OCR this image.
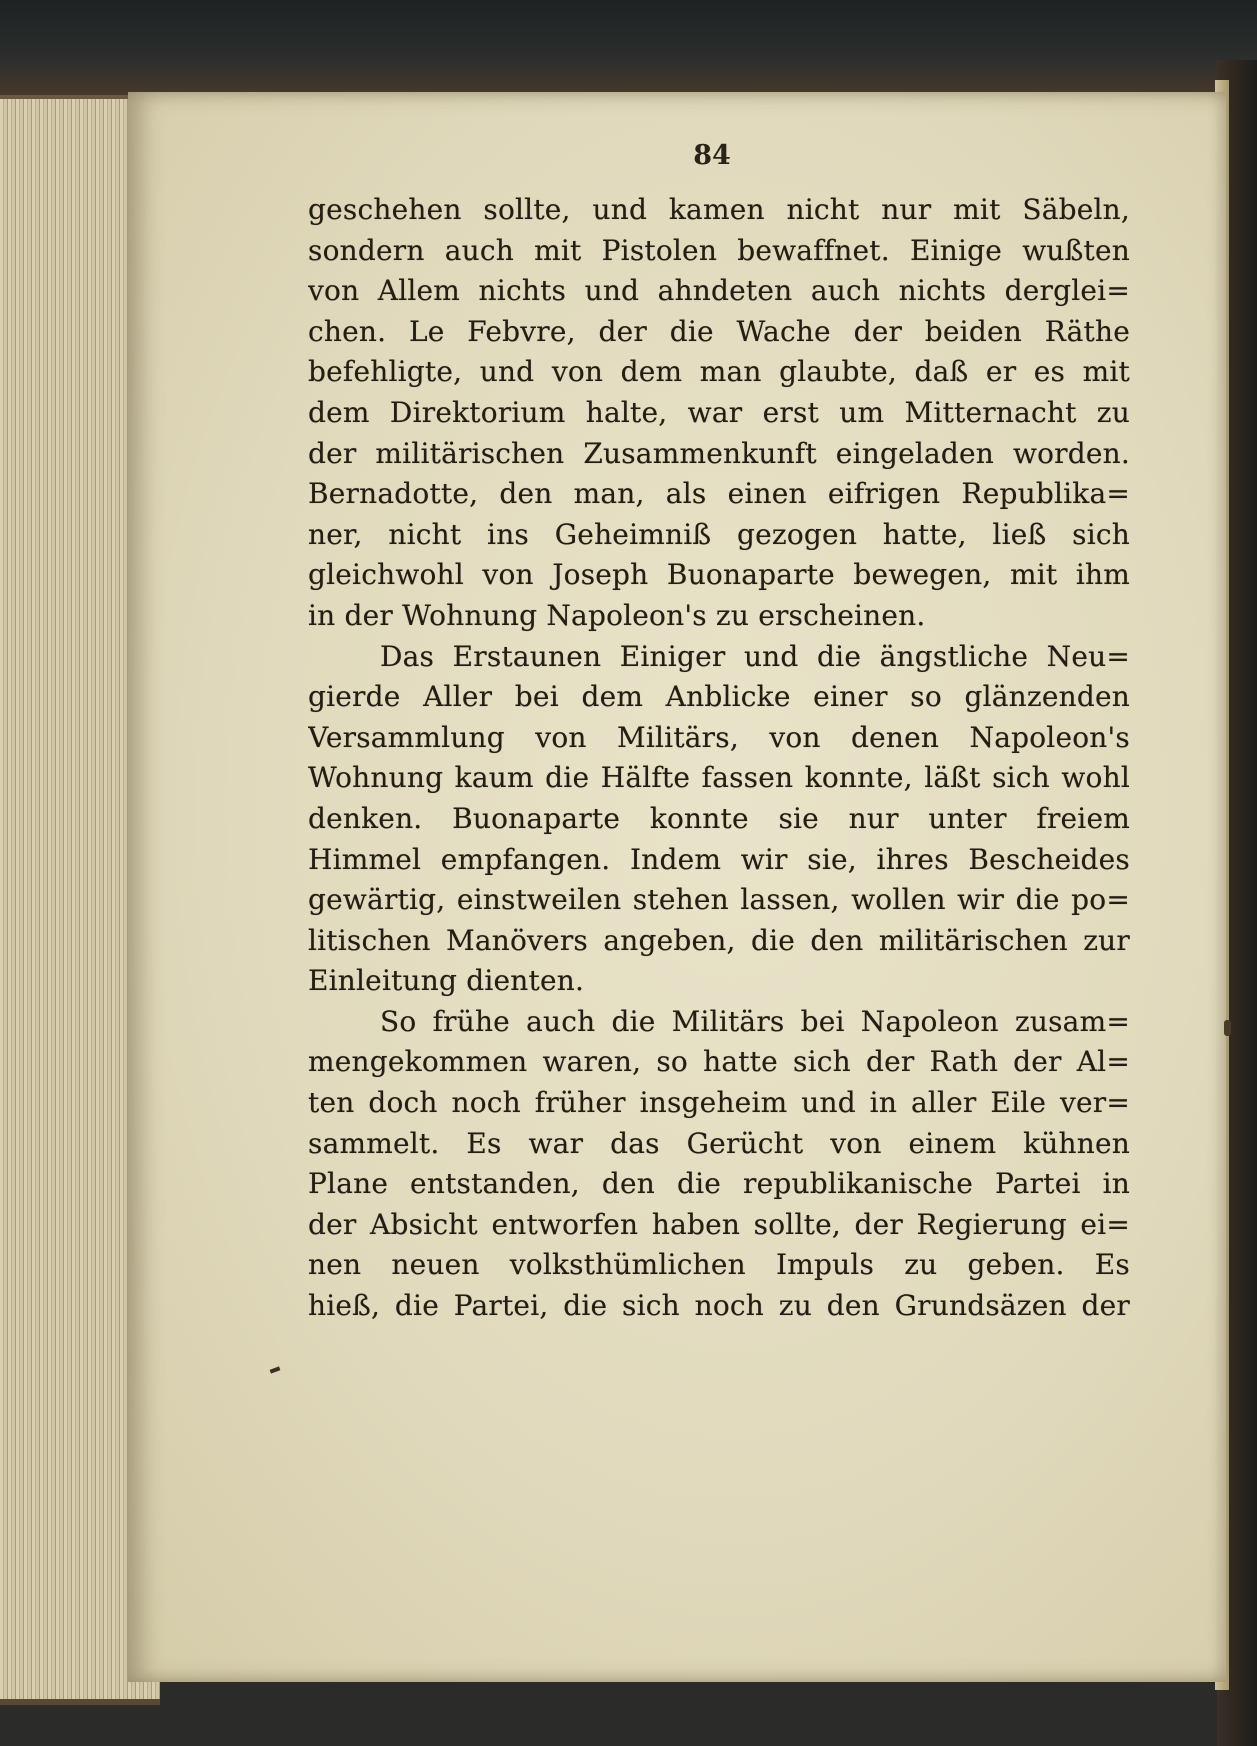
84
geschehen sollte, und kamen nicht nur mit Säbeln,
sondern auch mit Pistolen bewaffnet. Einige wußten
von Allem nichts und ahndeten auch nichts derglei=
chen. Le Febvre, der die Wache der beiden Räthe
befehligte, und von dem man glaubte, daß er es mit
dem Direktorium halte, war erst um Mitternacht zu
der militärischen Zusammenkunft eingeladen worden.
Bernadotte, den man, als einen eifrigen Republika=
ner, nicht ins Geheimniß gezogen hatte, ließ sich
gleichwohl von Joseph Buonaparte bewegen, mit ihm
in der Wohnung Napoleon's zu erscheinen.
Das Erstaunen Einiger und die ängstliche Neu=
gierde Aller bei dem Anblicke einer so glänzenden
Versammlung von Militärs, von denen Napoleon's
Wohnung kaum die Hälfte fassen konnte, läßt sich wohl
denken. Buonaparte konnte sie nur unter freiem
Himmel empfangen. Indem wir sie, ihres Bescheides
gewärtig, einstweilen stehen lassen, wollen wir die po=
litischen Manövers angeben, die den militärischen zur
Einleitung dienten.
So frühe auch die Militärs bei Napoleon zusam=
mengekommen waren, so hatte sich der Rath der Al=
ten doch noch früher insgeheim und in aller Eile ver=
sammelt. Es war das Gerücht von einem kühnen
Plane entstanden, den die republikanische Partei in
der Absicht entworfen haben sollte, der Regierung ei=
nen neuen volksthümlichen Impuls zu geben. Es
hieß, die Partei, die sich noch zu den Grundsäzen der
